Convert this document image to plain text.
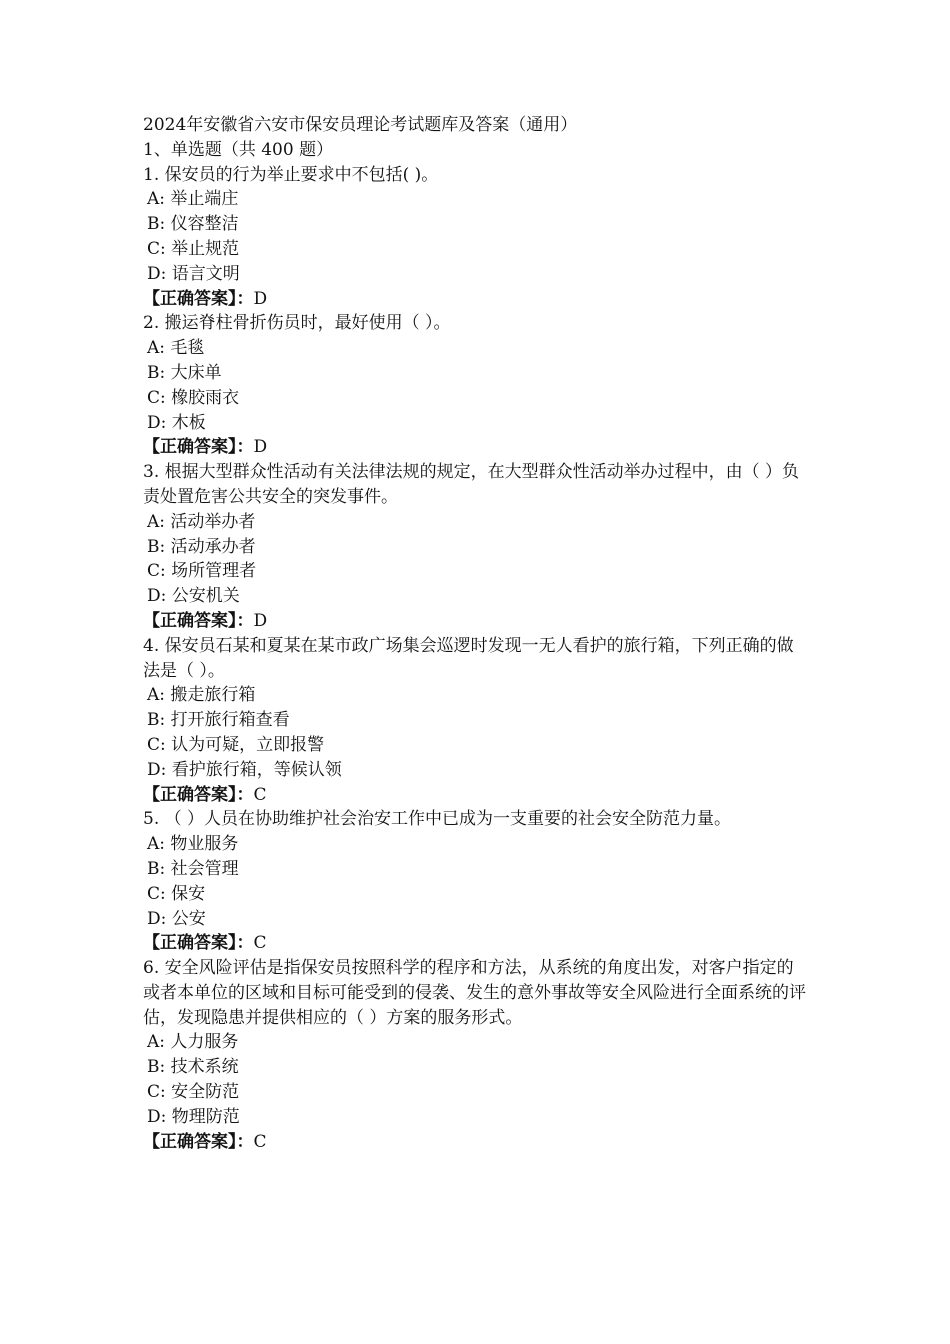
2024年安徽省六安市保安员理论考试题库及答案（通用）
1、单选题（共 400 题）
1. 保安员的行为举止要求中不包括( )。
A: 举止端庄
B: 仪容整洁
C: 举止规范
D: 语言文明
【正确答案】：D
2. 搬运脊柱骨折伤员时，最好使用（ ）。
A: 毛毯
B: 大床单
C: 橡胶雨衣
D: 木板
【正确答案】：D
3. 根据大型群众性活动有关法律法规的规定，在大型群众性活动举办过程中，由（ ）负责处置危害公共安全的突发事件。
A: 活动举办者
B: 活动承办者
C: 场所管理者
D: 公安机关
【正确答案】：D
4. 保安员石某和夏某在某市政广场集会巡逻时发现一无人看护的旅行箱，下列正确的做法是（ ）。
A: 搬走旅行箱
B: 打开旅行箱查看
C: 认为可疑，立即报警
D: 看护旅行箱，等候认领
【正确答案】：C
5. （ ）人员在协助维护社会治安工作中已成为一支重要的社会安全防范力量。
A: 物业服务
B: 社会管理
C: 保安
D: 公安
【正确答案】：C
6. 安全风险评估是指保安员按照科学的程序和方法，从系统的角度出发，对客户指定的或者本单位的区域和目标可能受到的侵袭、发生的意外事故等安全风险进行全面系统的评估，发现隐患并提供相应的（ ）方案的服务形式。
A: 人力服务
B: 技术系统
C: 安全防范
D: 物理防范
【正确答案】：C
